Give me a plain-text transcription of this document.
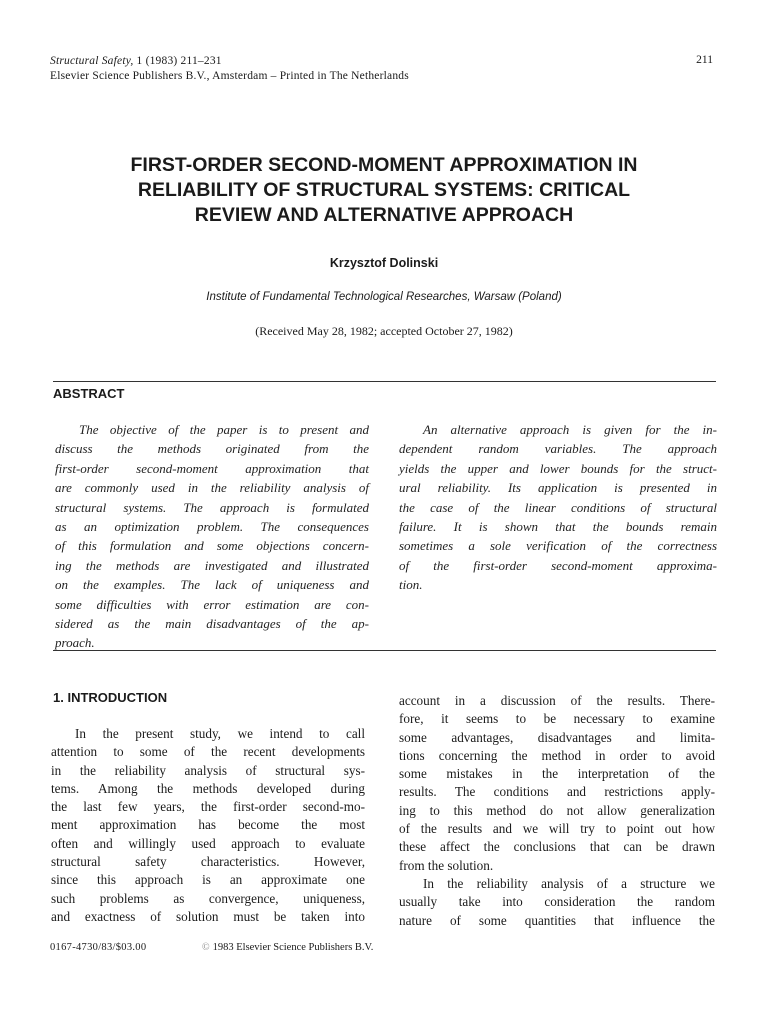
Structural Safety, 1 (1983) 211–231
Elsevier Science Publishers B.V., Amsterdam – Printed in The Netherlands
211
FIRST-ORDER SECOND-MOMENT APPROXIMATION IN
RELIABILITY OF STRUCTURAL SYSTEMS: CRITICAL
REVIEW AND ALTERNATIVE APPROACH
Krzysztof Dolinski
Institute of Fundamental Technological Researches, Warsaw (Poland)
(Received May 28, 1982; accepted October 27, 1982)
ABSTRACT
The objective of the paper is to present and
discuss the methods originated from the
first-order second-moment approximation that
are commonly used in the reliability analysis of
structural systems. The approach is formulated
as an optimization problem. The consequences
of this formulation and some objections concern-
ing the methods are investigated and illustrated
on the examples. The lack of uniqueness and
some difficulties with error estimation are con-
sidered as the main disadvantages of the ap-
proach.
An alternative approach is given for the in-
dependent random variables. The approach
yields the upper and lower bounds for the struct-
ural reliability. Its application is presented in
the case of the linear conditions of structural
failure. It is shown that the bounds remain
sometimes a sole verification of the correctness
of the first-order second-moment approxima-
tion.
1. INTRODUCTION
In the present study, we intend to call
attention to some of the recent developments
in the reliability analysis of structural sys-
tems. Among the methods developed during
the last few years, the first-order second-mo-
ment approximation has become the most
often and willingly used approach to evaluate
structural safety characteristics. However,
since this approach is an approximate one
such problems as convergence, uniqueness,
and exactness of solution must be taken into
account in a discussion of the results. There-
fore, it seems to be necessary to examine
some advantages, disadvantages and limita-
tions concerning the method in order to avoid
some mistakes in the interpretation of the
results. The conditions and restrictions apply-
ing to this method do not allow generalization
of the results and we will try to point out how
these affect the conclusions that can be drawn
from the solution.
In the reliability analysis of a structure we
usually take into consideration the random
nature of some quantities that influence the
0167-4730/83/$03.00	© 1983 Elsevier Science Publishers B.V.
